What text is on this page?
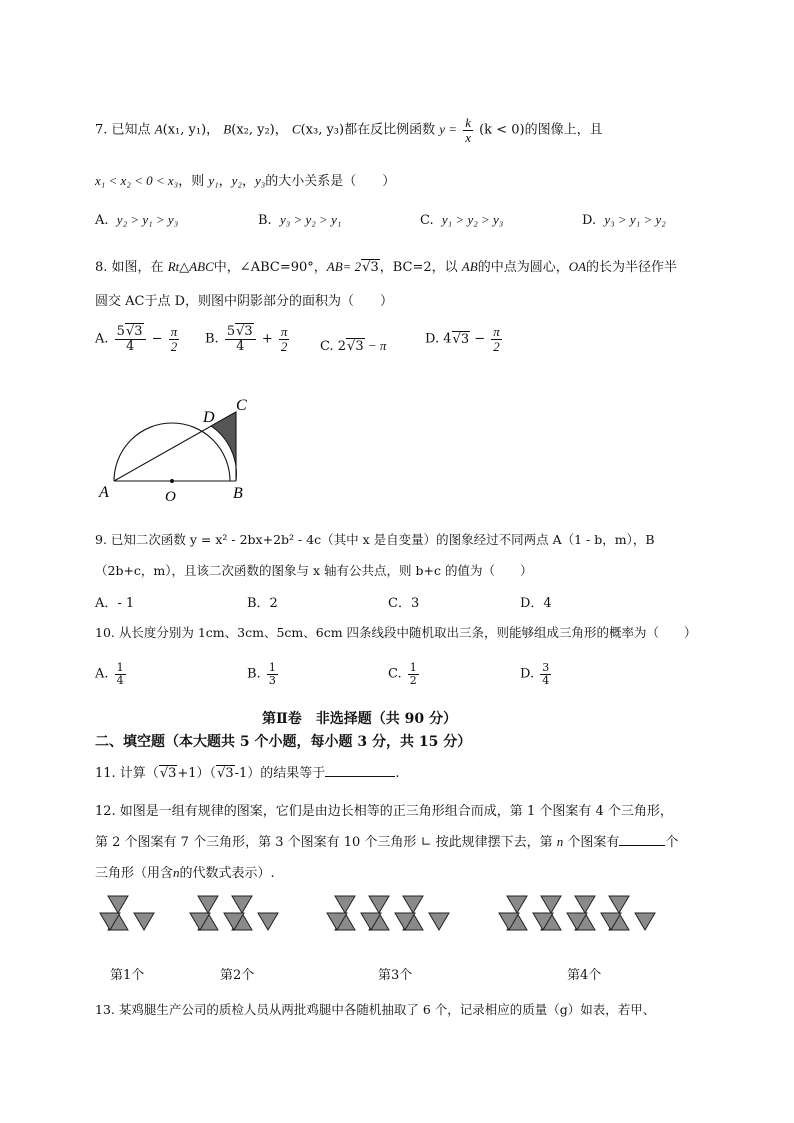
7. 已知点 A(x₁, y₁)， B(x₂, y₂)， C(x₃, y₃)都在反比例函数 $y = \frac{k}{x} (k < 0)$的图像上，且
x₁ < x₂ < 0 < x₃，则 y₁，y₂，y₃的大小关系是（　　）
A. y₂ > y₁ > y₃	B. y₃ > y₂ > y₁	C. y₁ > y₂ > y₃	D. y₃ > y₁ > y₂
8. 如图，在 Rt△ABC中，∠ABC=90°，AB= 2√3，BC=2，以 AB的中点为圆心，OA的长为半径作半
圆交 AC于点 D，则图中阴影部分的面积为（　　）
A. $\frac{5√3}{4} - \frac{\pi}{2} B$. $\frac{5√3}{4} + \frac{\pi}{2} C$. 2√3 − π	D. $4√3 - \frac{\pi}{2}$
A	O	B
C
D
9. 已知二次函数 y = x² - 2bx+2b² - 4c（其中 x 是自变量）的图象经过不同两点 A（1 - b，m），B
（2b+c，m），且该二次函数的图象与 x 轴有公共点，则 b+c 的值为（　　）
A．- 1	B．2	C．3	D．4
10. 从长度分别为 1cm、3cm、5cm、6cm 四条线段中随机取出三条，则能够组成三角形的概率为（　　）
A. $\frac{1}{4}$	B. $\frac{1}{3}$	C. $\frac{1}{2}$	D. $\frac{3}{4}$
第Ⅱ卷　非选择题（共 90 分）
二、填空题（本大题共 5 个小题，每小题 3 分，共 15 分）
11. 计算（√3+1）（√3-1）的结果等于	.
12. 如图是一组有规律的图案，它们是由边长相等的正三角形组合而成，第 1 个图案有 4 个三角形，
第 2 个图案有 7 个三角形，第 3 个图案有 10 个三角形 ∟ 按此规律摆下去，第 n 个图案有	个
三角形（用含n的代数式表示）.
第1个	第2个	第3个	第4个
13. 某鸡腿生产公司的质检人员从两批鸡腿中各随机抽取了 6 个，记录相应的质量（g）如表，若甲、
